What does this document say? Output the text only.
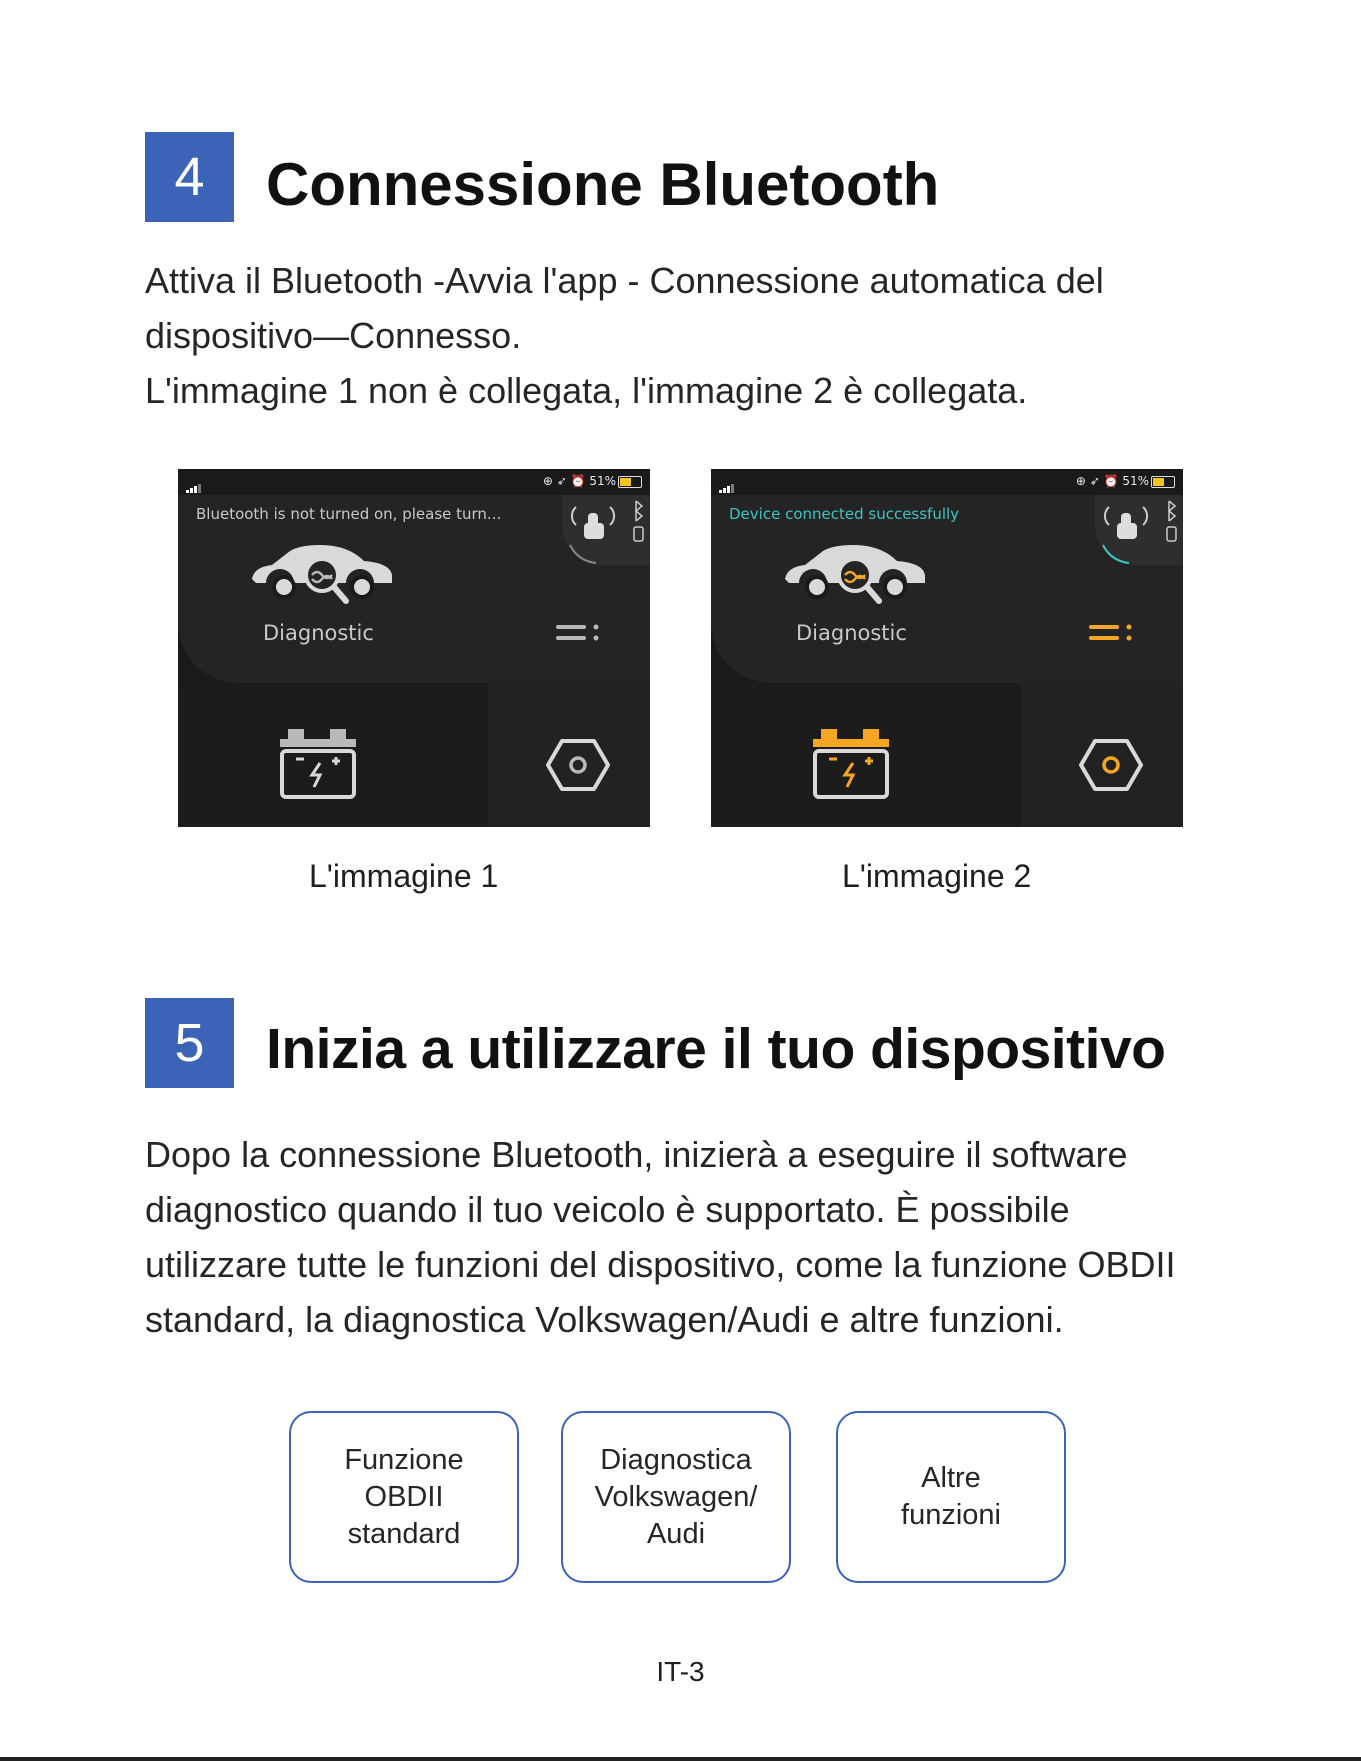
4	Connessione Bluetooth

Attiva il Bluetooth -Avvia l'app - Connessione automatica del dispositivo—Connesso.

L'immagine 1 non è collegata, l'immagine 2 è collegata.

⊕ ➶ ⏰ 51%
Bluetooth is not turned on, please turn...
Diagnostic
L'immagine 1
⊕ ➶ ⏰ 51%
Device connected successfully
Diagnostic
L'immagine 2
5	Inizia a utilizzare il tuo dispositivo

Dopo la connessione Bluetooth, inizierà a eseguire il software diagnostico quando il tuo veicolo è supportato. È possibile utilizzare tutte le funzioni del dispositivo, come la funzione OBDII standard, la diagnostica Volkswagen/Audi e altre funzioni.

Funzione
OBDII
standard
Diagnostica
Volkswagen/
Audi
Altre
funzioni
IT-3
